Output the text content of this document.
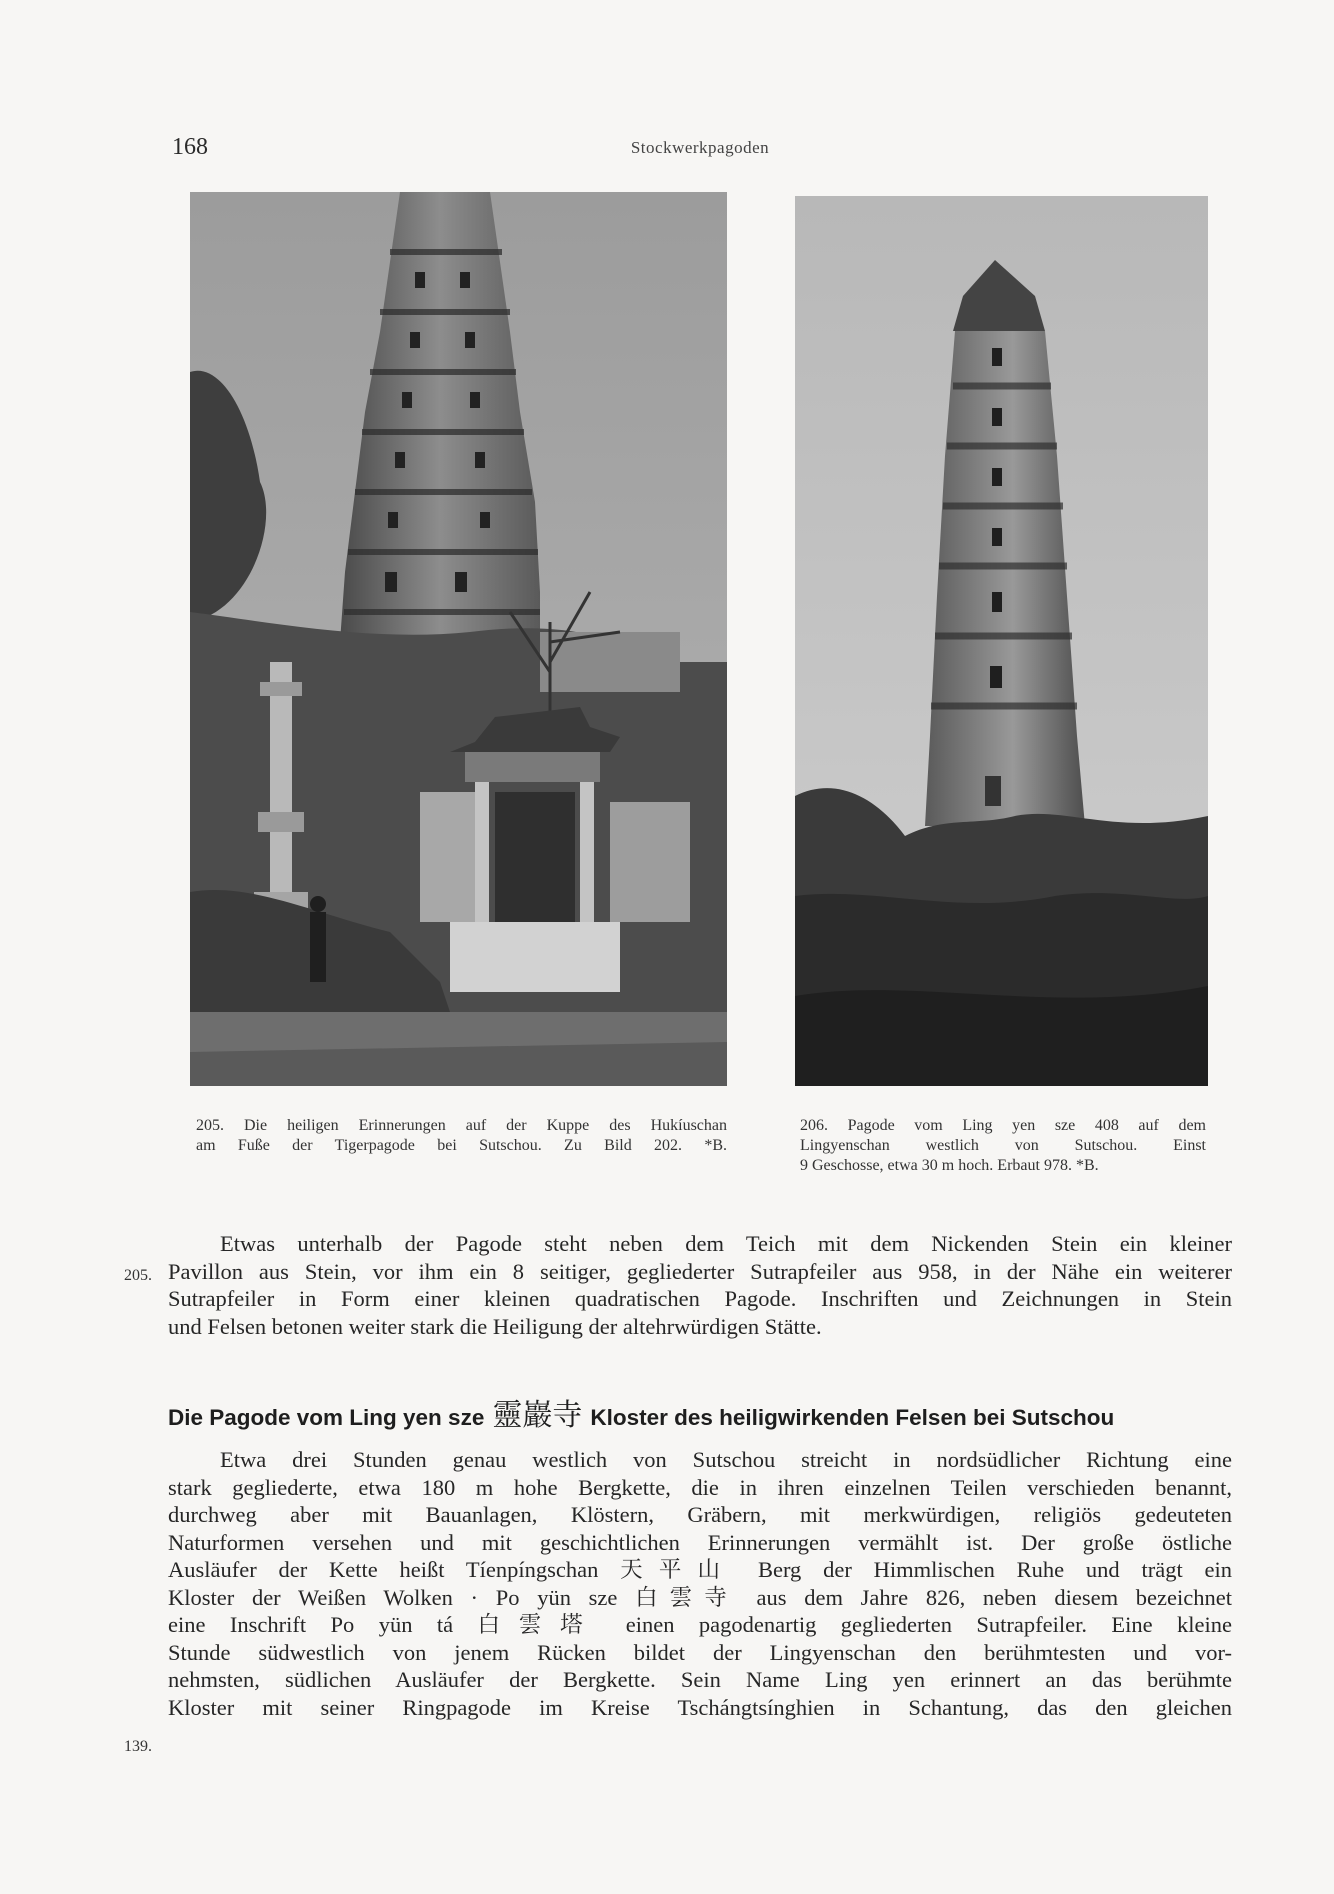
168	Stockwerkpagoden
205. Die heiligen Erinnerungen auf der Kuppe des Hukíuschan
am Fuße der Tigerpagode bei Sutschou. Zu Bild 202. *B.
206. Pagode vom Ling yen sze 408 auf dem
Lingyenschan westlich von Sutschou. Einst
9 Geschosse, etwa 30 m hoch. Erbaut 978. *B.
205.
Etwas unterhalb der Pagode steht neben dem Teich mit dem Nickenden Stein ein kleiner
Pavillon aus Stein, vor ihm ein 8 seitiger, gegliederter Sutrapfeiler aus 958, in der Nähe ein weiterer
Sutrapfeiler in Form einer kleinen quadratischen Pagode. Inschriften und Zeichnungen in Stein
und Felsen betonen weiter stark die Heiligung der altehrwürdigen Stätte.
Die Pagode vom Ling yen sze 靈巖寺 Kloster des heiligwirkenden Felsen bei Sutschou
Etwa drei Stunden genau westlich von Sutschou streicht in nordsüdlicher Richtung eine
stark gegliederte, etwa 180 m hohe Bergkette, die in ihren einzelnen Teilen verschieden benannt,
durchweg aber mit Bauanlagen, Klöstern, Gräbern, mit merkwürdigen, religiös gedeuteten
Naturformen versehen und mit geschichtlichen Erinnerungen vermählt ist. Der große östliche
Ausläufer der Kette heißt Tíenpíngschan 天平山 Berg der Himmlischen Ruhe und trägt ein
Kloster der Weißen Wolken · Po yün sze 白雲寺 aus dem Jahre 826, neben diesem bezeichnet
eine Inschrift Po yün tá 白雲塔 einen pagodenartig gegliederten Sutrapfeiler. Eine kleine
Stunde südwestlich von jenem Rücken bildet der Lingyenschan den berühmtesten und vor-
nehmsten, südlichen Ausläufer der Bergkette. Sein Name Ling yen erinnert an das berühmte
Kloster mit seiner Ringpagode im Kreise Tschángtsínghien in Schantung, das den gleichen
139.
